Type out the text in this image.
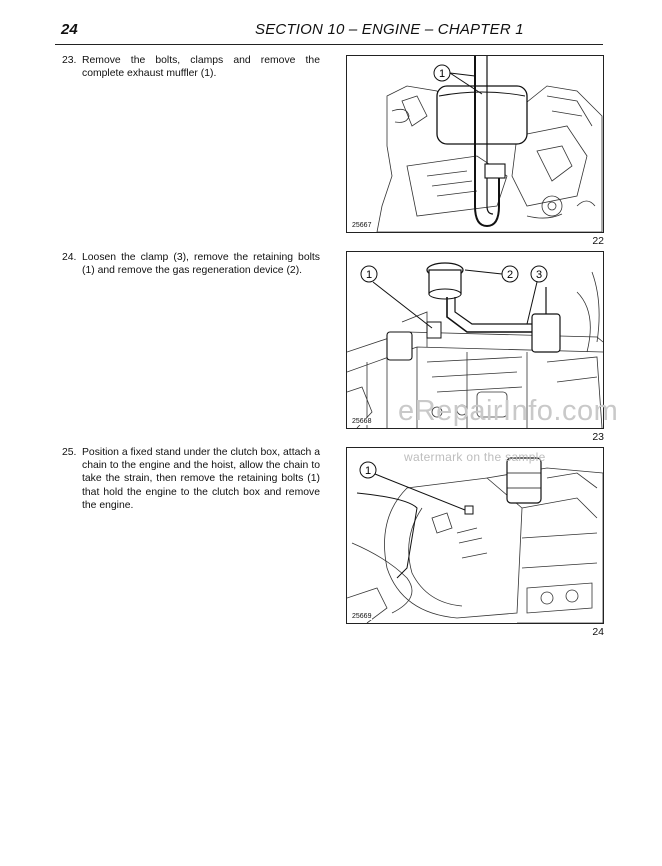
24	SECTION 10 – ENGINE – CHAPTER 1
23. Remove the bolts, clamps and remove the complete exhaust muffler (1).	1
25667
22
24. Loosen the clamp (3), remove the retaining bolts (1) and remove the gas regeneration device (2).	1	2 3
25668
23
25. Position a fixed stand under the clutch box, attach a chain to the engine and the hoist, allow the chain to take the strain, then remove the retaining bolts (1) that hold the engine to the clutch box and remove the engine.
1
25669
24
eRepairInfo.com
watermark on the sample
